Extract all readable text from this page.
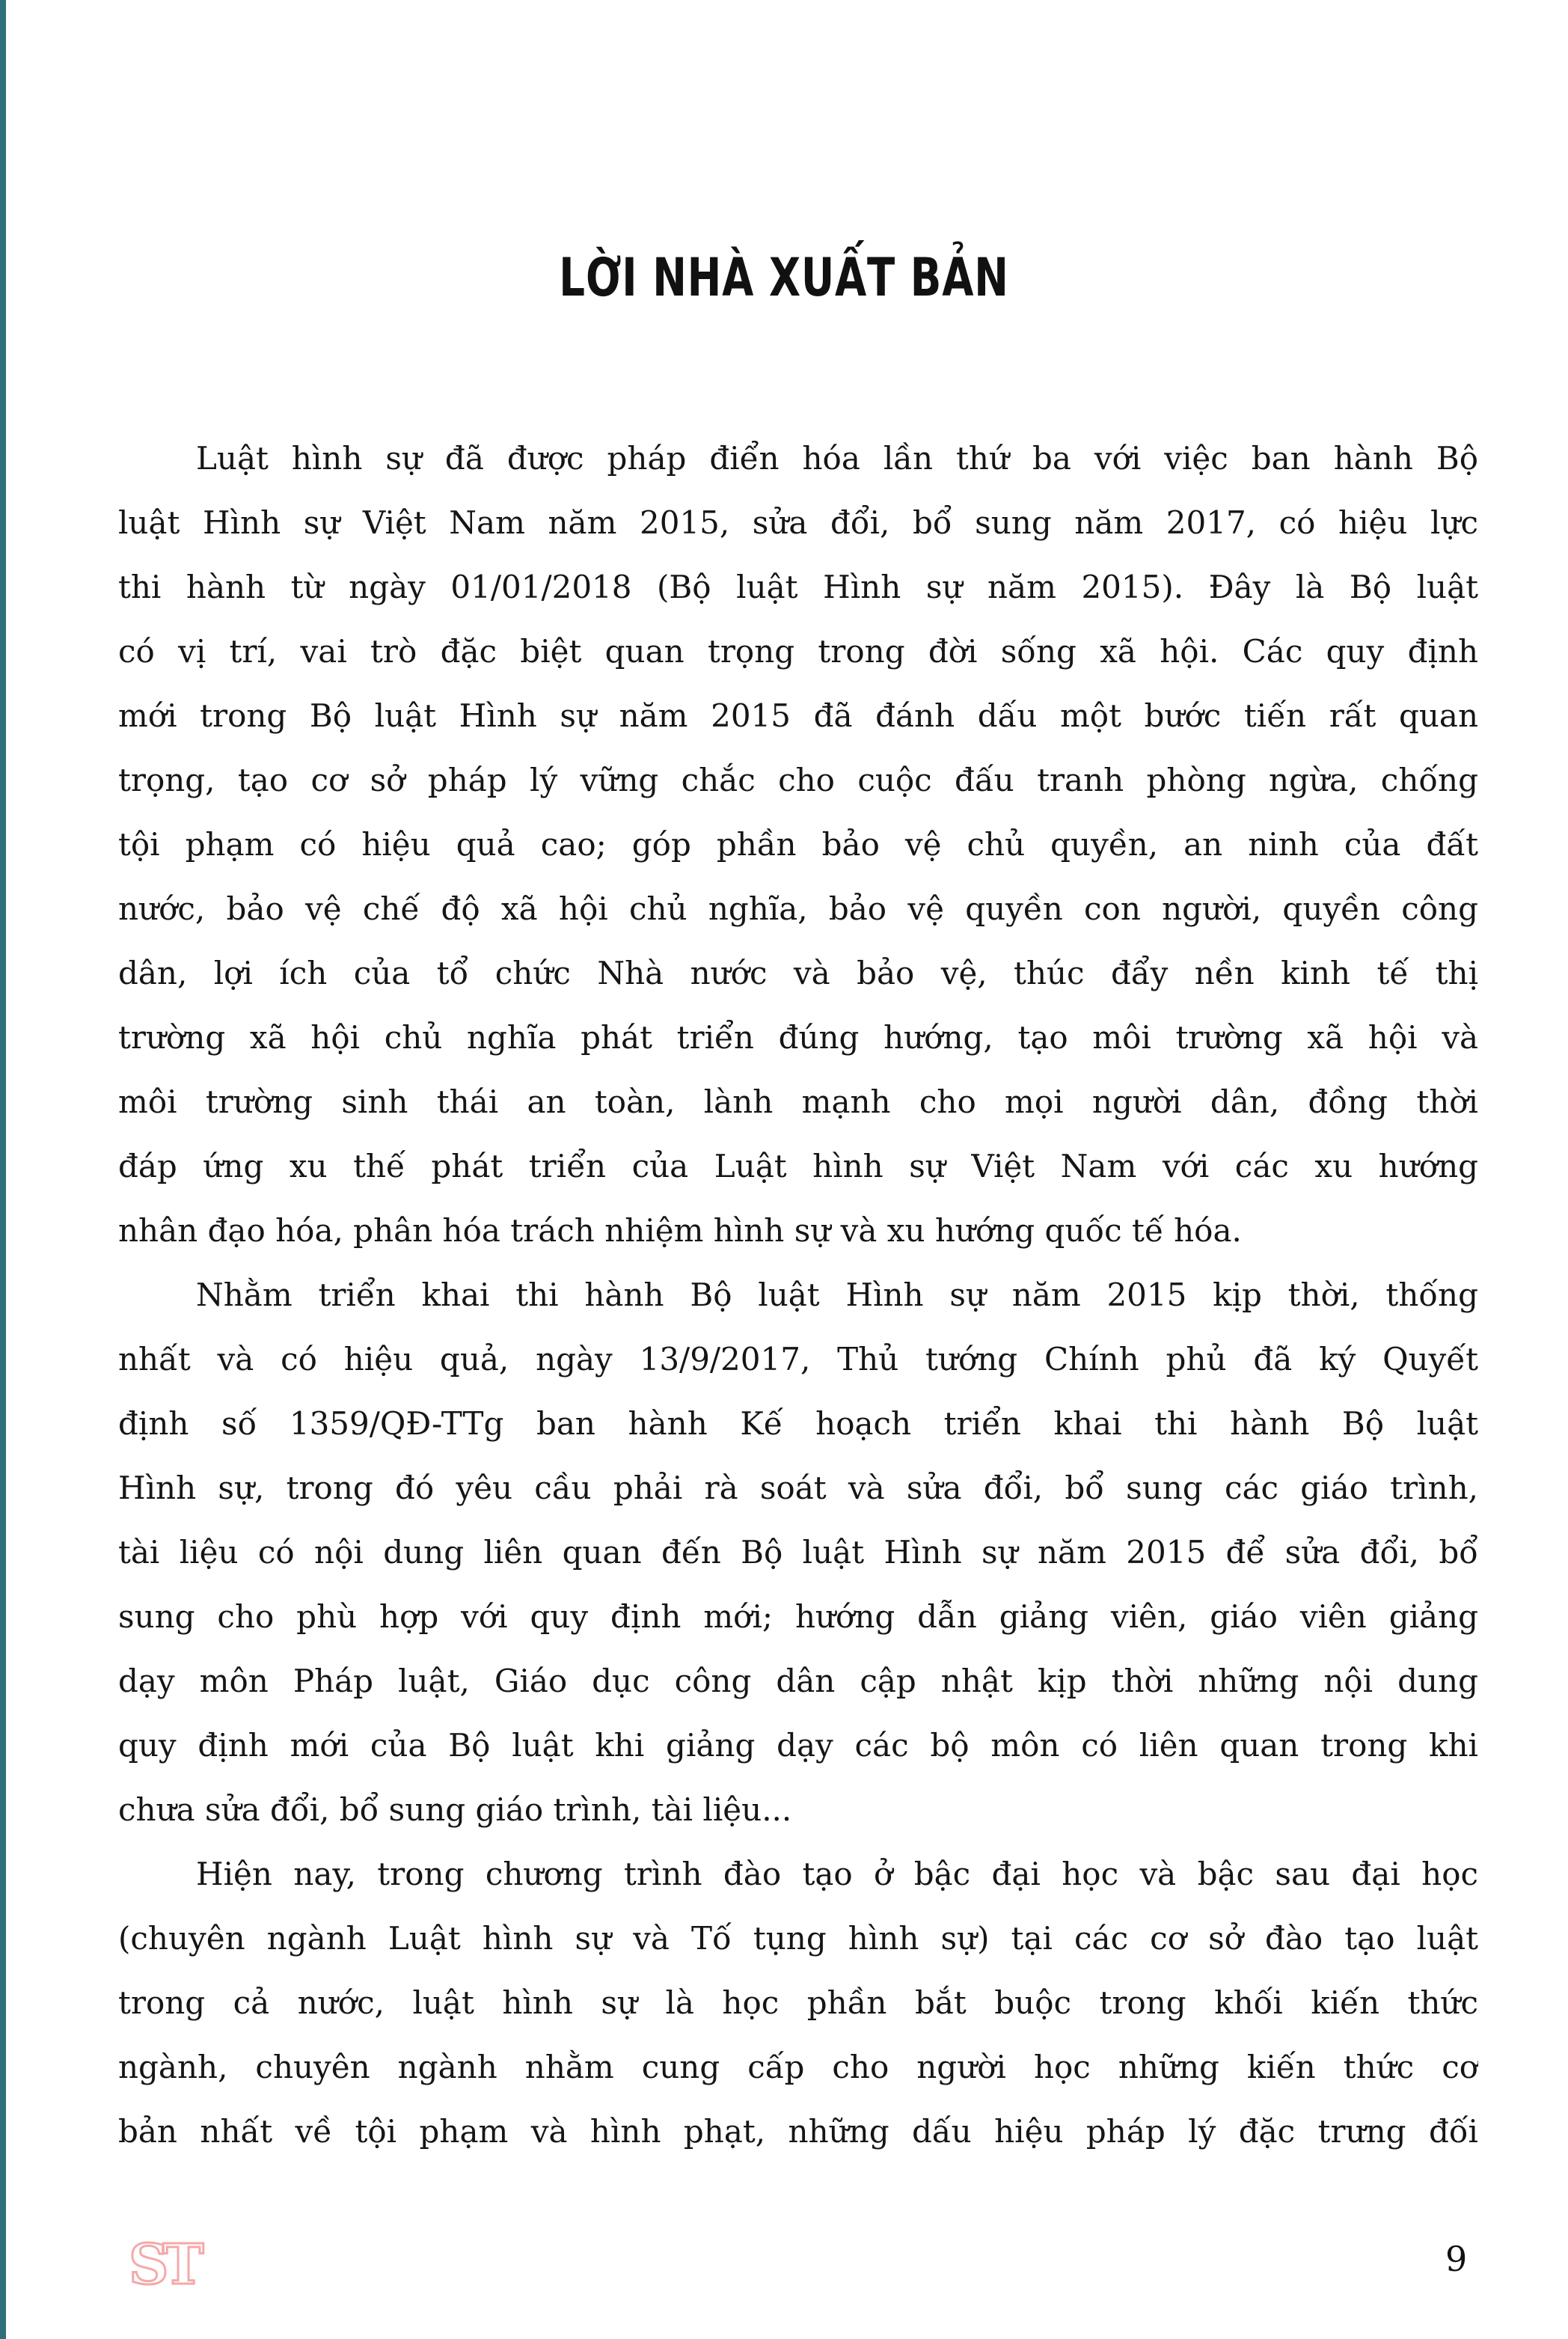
LỜI NHÀ XUẤT BẢN
Luật hình sự đã được pháp điển hóa lần thứ ba với việc ban hành Bộ
luật Hình sự Việt Nam năm 2015, sửa đổi, bổ sung năm 2017, có hiệu lực
thi hành từ ngày 01/01/2018 (Bộ luật Hình sự năm 2015). Đây là Bộ luật
có vị trí, vai trò đặc biệt quan trọng trong đời sống xã hội. Các quy định
mới trong Bộ luật Hình sự năm 2015 đã đánh dấu một bước tiến rất quan
trọng, tạo cơ sở pháp lý vững chắc cho cuộc đấu tranh phòng ngừa, chống
tội phạm có hiệu quả cao; góp phần bảo vệ chủ quyền, an ninh của đất
nước, bảo vệ chế độ xã hội chủ nghĩa, bảo vệ quyền con người, quyền công
dân, lợi ích của tổ chức Nhà nước và bảo vệ, thúc đẩy nền kinh tế thị
trường xã hội chủ nghĩa phát triển đúng hướng, tạo môi trường xã hội và
môi trường sinh thái an toàn, lành mạnh cho mọi người dân, đồng thời
đáp ứng xu thế phát triển của Luật hình sự Việt Nam với các xu hướng
nhân đạo hóa, phân hóa trách nhiệm hình sự và xu hướng quốc tế hóa.
Nhằm triển khai thi hành Bộ luật Hình sự năm 2015 kịp thời, thống
nhất và có hiệu quả, ngày 13/9/2017, Thủ tướng Chính phủ đã ký Quyết
định số 1359/QĐ-TTg ban hành Kế hoạch triển khai thi hành Bộ luật
Hình sự, trong đó yêu cầu phải rà soát và sửa đổi, bổ sung các giáo trình,
tài liệu có nội dung liên quan đến Bộ luật Hình sự năm 2015 để sửa đổi, bổ
sung cho phù hợp với quy định mới; hướng dẫn giảng viên, giáo viên giảng
dạy môn Pháp luật, Giáo dục công dân cập nhật kịp thời những nội dung
quy định mới của Bộ luật khi giảng dạy các bộ môn có liên quan trong khi
chưa sửa đổi, bổ sung giáo trình, tài liệu...
Hiện nay, trong chương trình đào tạo ở bậc đại học và bậc sau đại học
(chuyên ngành Luật hình sự và Tố tụng hình sự) tại các cơ sở đào tạo luật
trong cả nước, luật hình sự là học phần bắt buộc trong khối kiến thức
ngành, chuyên ngành nhằm cung cấp cho người học những kiến thức cơ
bản nhất về tội phạm và hình phạt, những dấu hiệu pháp lý đặc trưng đối
ST	9
